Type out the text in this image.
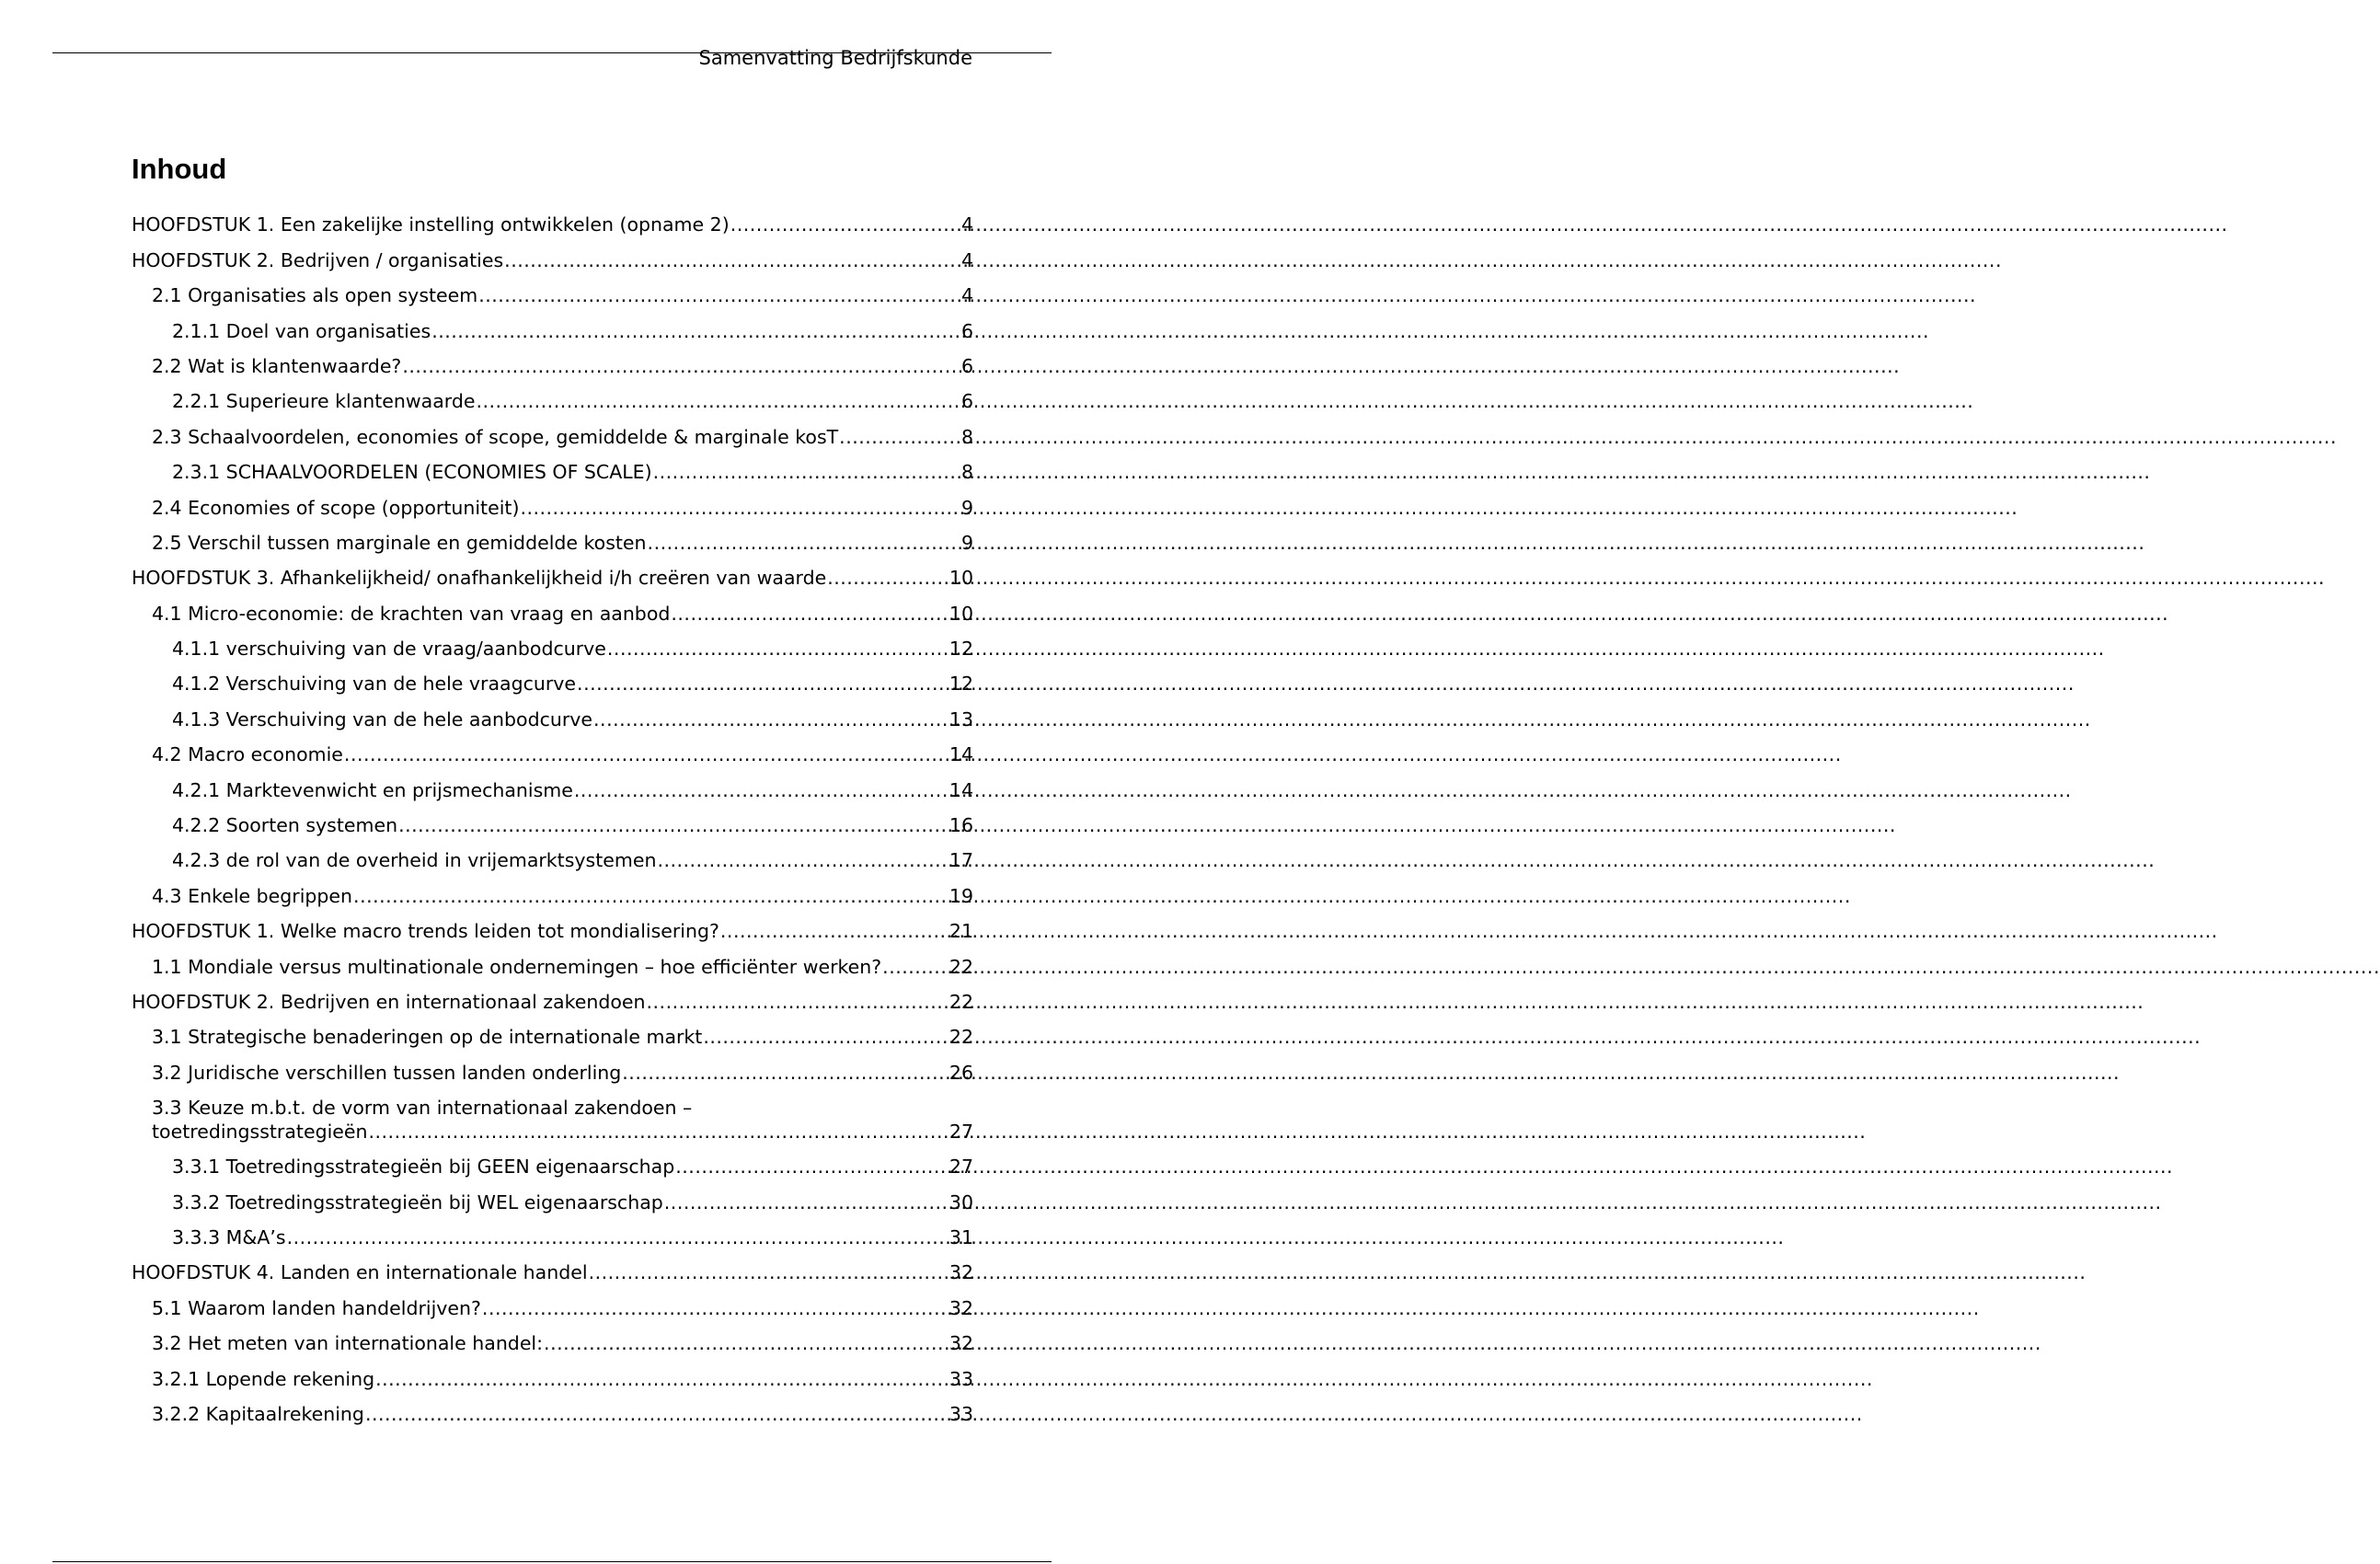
Samenvatting Bedrijfskunde
Inhoud
HOOFDSTUK 1. Een zakelijke instelling ontwikkelen (opname 2) .....	4
HOOFDSTUK 2. Bedrijven / organisaties .....	4
2.1 Organisaties als open systeem .....	4
2.1.1 Doel van organisaties .....	6
2.2 Wat is klantenwaarde? .....	6
2.2.1 Superieure klantenwaarde .....	6
2.3 Schaalvoordelen, economies of scope, gemiddelde & marginale kosT .....	8
2.3.1 SCHAALVOORDELEN (ECONOMIES OF SCALE) .....	8
2.4 Economies of scope (opportuniteit) .....	9
2.5 Verschil tussen marginale en gemiddelde kosten .....	9
HOOFDSTUK 3. Afhankelijkheid/ onafhankelijkheid i/h creëren van waarde .....	10
4.1 Micro-economie: de krachten van vraag en aanbod .....	10
4.1.1 verschuiving van de vraag/aanbodcurve .....	12
4.1.2 Verschuiving van de hele vraagcurve .....	12
4.1.3 Verschuiving van de hele aanbodcurve .....	13
4.2 Macro economie .....	14
4.2.1 Marktevenwicht en prijsmechanisme .....	14
4.2.2 Soorten systemen .....	16
4.2.3 de rol van de overheid in vrijemarktsystemen .....	17
4.3 Enkele begrippen .....	19
HOOFDSTUK 1. Welke macro trends leiden tot mondialisering? .....	21
1.1 Mondiale versus multinationale ondernemingen – hoe efficiënter werken? .....	22
HOOFDSTUK 2. Bedrijven en internationaal zakendoen .....	22
3.1 Strategische benaderingen op de internationale markt .....	22
3.2 Juridische verschillen tussen landen onderling .....	26
3.3 Keuze m.b.t. de vorm van internationaal zakendoen –
toetredingsstrategieën .....	27
3.3.1 Toetredingsstrategieën bij GEEN eigenaarschap .....	27
3.3.2 Toetredingsstrategieën bij WEL eigenaarschap .....	30
3.3.3 M&A’s .....	31
HOOFDSTUK 4. Landen en internationale handel .....	32
5.1 Waarom landen handeldrijven? .....	32
3.2 Het meten van internationale handel: .....	32
3.2.1 Lopende rekening .....	33
3.2.2 Kapitaalrekening .....	33
